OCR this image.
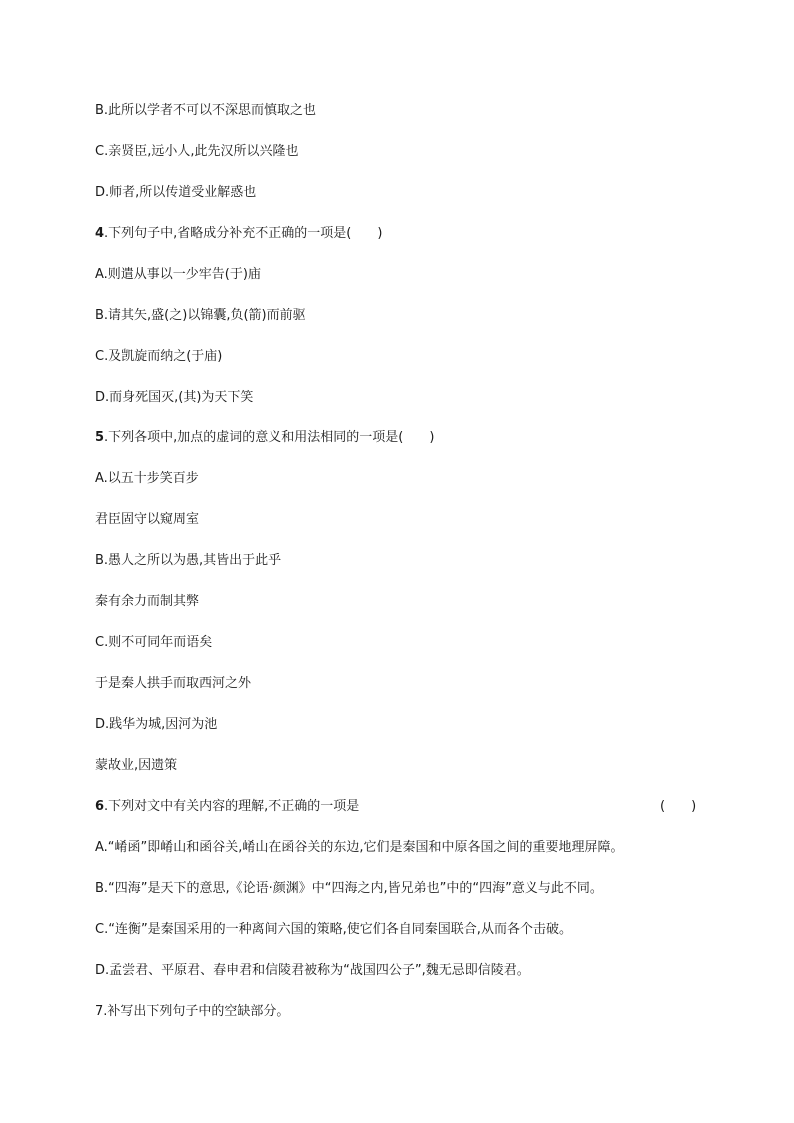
B.此所以学者不可以不深思而慎取之也
C.亲贤臣,远小人,此先汉所以兴隆也
D.师者,所以传道受业解惑也
4.下列句子中,省略成分补充不正确的一项是(　　)
A.则遣从事以一少牢告(于)庙
B.请其矢,盛(之)以锦囊,负(箭)而前驱
C.及凯旋而纳之(于庙)
D.而身死国灭,(其)为天下笑
5.下列各项中,加点的虚词的意义和用法相同的一项是(　　)
A.以五十步笑百步
君臣固守以窥周室
B.愚人之所以为愚,其皆出于此乎
秦有余力而制其弊
C.则不可同年而语矣
于是秦人拱手而取西河之外
D.践华为城,因河为池
蒙故业,因遗策
6.下列对文中有关内容的理解,不正确的一项是	(　　)
A.“崤函”即崤山和函谷关,崤山在函谷关的东边,它们是秦国和中原各国之间的重要地理屏障。
B.“四海”是天下的意思,《论语·颜渊》中“四海之内,皆兄弟也”中的“四海”意义与此不同。
C.“连衡”是秦国采用的一种离间六国的策略,使它们各自同秦国联合,从而各个击破。
D.孟尝君、平原君、春申君和信陵君被称为“战国四公子”,魏无忌即信陵君。
7.补写出下列句子中的空缺部分。
